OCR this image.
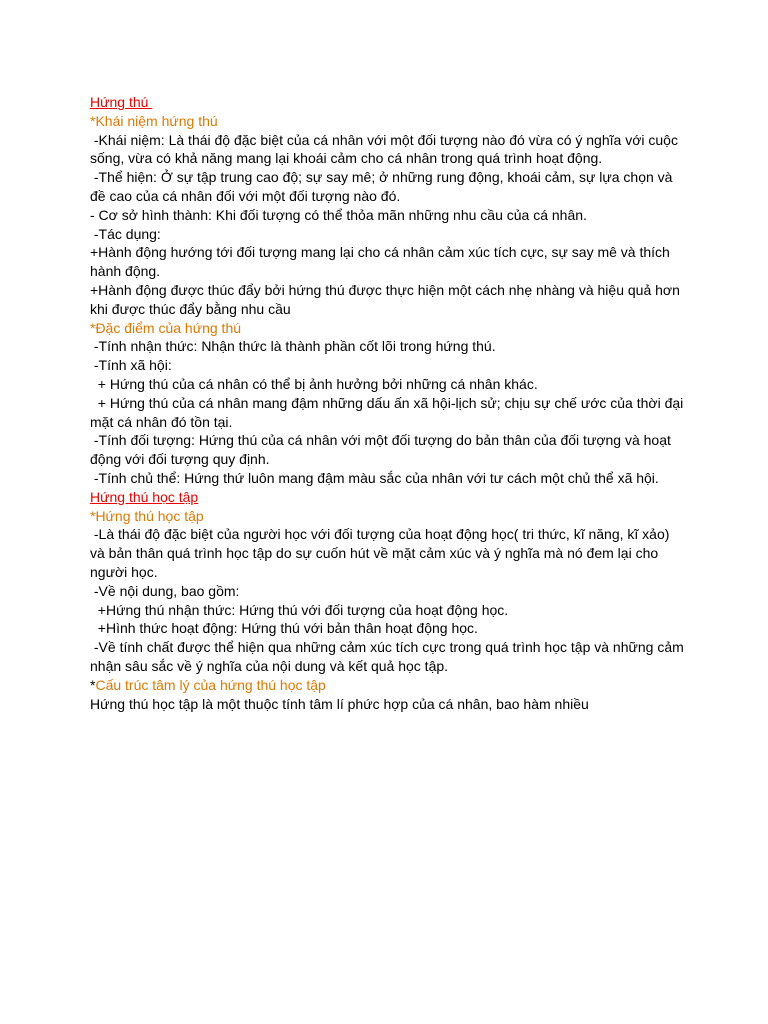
Hứng thú

*Khái niệm hứng thú

-Khái niệm: Là thái độ đặc biệt của cá nhân với một đối tượng nào đó vừa có ý nghĩa với cuộc

sống, vừa có khả năng mang lại khoái cảm cho cá nhân trong quá trình hoạt động.

-Thể hiện: Ở sự tập trung cao độ; sự say mê; ở những rung động, khoái cảm, sự lựa chọn và

đề cao của cá nhân đối với một đối tượng nào đó.

- Cơ sở hình thành: Khi đối tượng có thể thỏa mãn những nhu cầu của cá nhân.

-Tác dụng:

+Hành động hướng tới đối tượng mang lại cho cá nhân cảm xúc tích cực, sự say mê và thích

hành động.

+Hành động được thúc đẩy bởi hứng thú được thực hiện một cách nhẹ nhàng và hiệu quả hơn

khi được thúc đẩy bằng nhu cầu

*Đặc điểm của hứng thú

-Tính nhận thức: Nhận thức là thành phần cốt lõi trong hứng thú.

-Tính xã hội:

+ Hứng thú của cá nhân có thể bị ảnh hưởng bởi những cá nhân khác.

+ Hứng thú của cá nhân mang đậm những dấu ấn xã hội-lịch sử; chịu sự chế ước của thời đại

mặt cá nhân đó tồn tại.

-Tính đối tượng: Hứng thú của cá nhân với một đối tượng do bản thân của đối tượng và hoạt

động với đối tượng quy định.

-Tính chủ thể: Hứng thứ luôn mang đậm màu sắc của nhân với tư cách một chủ thể xã hội.

Hứng thú học tập

*Hứng thú học tập

-Là thái độ đặc biệt của người học với đối tượng của hoạt động học( tri thức, kĩ năng, kĩ xảo)

và bản thân quá trình học tập do sự cuốn hút về mặt cảm xúc và ý nghĩa mà nó đem lại cho

người học.

-Về nội dung, bao gồm:

+Hứng thú nhận thức: Hứng thú với đối tượng của hoạt động học.

+Hình thức hoạt động: Hứng thú với bản thân hoạt động học.

-Về tính chất được thể hiện qua những cảm xúc tích cực trong quá trình học tập và những cảm

nhận sâu sắc về ý nghĩa của nội dung và kết quả học tập.

*Cấu trúc tâm lý của hứng thú học tập

Hứng thú học tập là một thuộc tính tâm lí phức hợp của cá nhân, bao hàm nhiều
